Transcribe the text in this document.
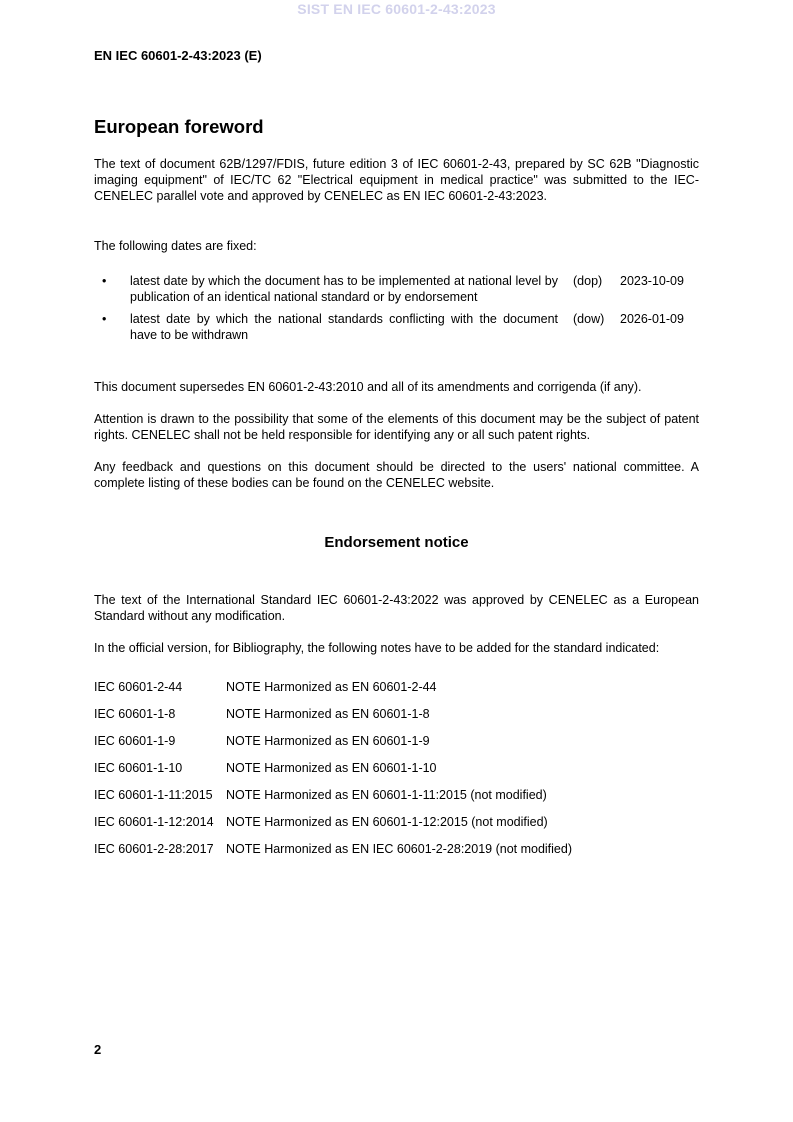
SIST EN IEC 60601-2-43:2023
EN IEC 60601-2-43:2023 (E)
European foreword

The text of document 62B/1297/FDIS, future edition 3 of IEC 60601-2-43, prepared by SC 62B "Diagnostic imaging equipment" of IEC/TC 62 "Electrical equipment in medical practice" was submitted to the IEC-CENELEC parallel vote and approved by CENELEC as EN IEC 60601-2-43:2023.

The following dates are fixed:

• latest date by which the document has to be implemented at national level by publication of an identical national standard or by endorsement
(dop) 2023-10-09
• latest date by which the national standards conflicting with the document have to be withdrawn
(dow) 2026-01-09

This document supersedes EN 60601-2-43:2010 and all of its amendments and corrigenda (if any).

Attention is drawn to the possibility that some of the elements of this document may be the subject of patent rights. CENELEC shall not be held responsible for identifying any or all such patent rights.

Any feedback and questions on this document should be directed to the users' national committee. A complete listing of these bodies can be found on the CENELEC website.

Endorsement notice

The text of the International Standard IEC 60601-2-43:2022 was approved by CENELEC as a European Standard without any modification.

In the official version, for Bibliography, the following notes have to be added for the standard indicated:

IEC 60601-2-44	NOTE Harmonized as EN 60601-2-44
IEC 60601-1-8	NOTE Harmonized as EN 60601-1-8
IEC 60601-1-9	NOTE Harmonized as EN 60601-1-9
IEC 60601-1-10	NOTE Harmonized as EN 60601-1-10
IEC 60601-1-11:2015 NOTE Harmonized as EN 60601-1-11:2015 (not modified)
IEC 60601-1-12:2014 NOTE Harmonized as EN 60601-1-12:2015 (not modified)
IEC 60601-2-28:2017 NOTE Harmonized as EN IEC 60601-2-28:2019 (not modified)
2
